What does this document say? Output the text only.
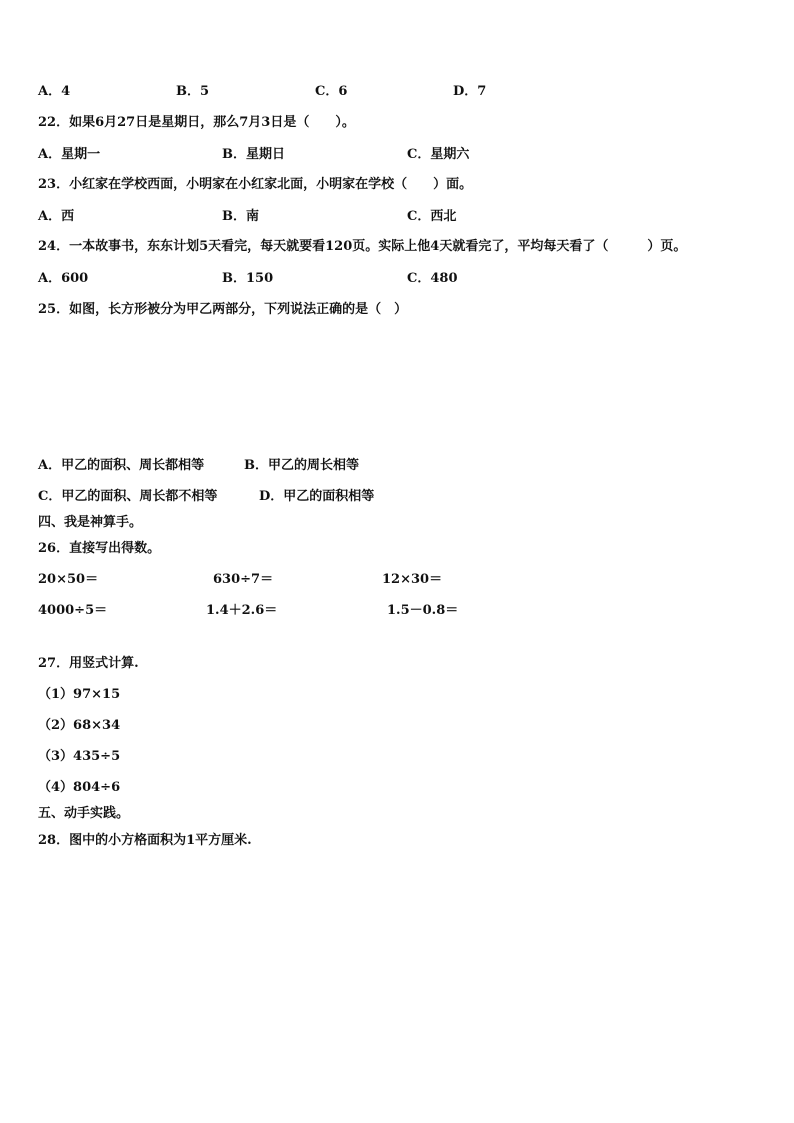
A．4	B．5	C．6	D．7
22．如果6月27日是星期日，那么7月3日是（　　）。
A．星期一	B．星期日	C．星期六
23．小红家在学校西面，小明家在小红家北面，小明家在学校（　　）面。
A．西	B．南	C．西北
24．一本故事书，东东计划5天看完，每天就要看120页。实际上他4天就看完了，平均每天看了（　　　）页。
A．600	B．150	C．480
25．如图，长方形被分为甲乙两部分，下列说法正确的是（　）
A．甲乙的面积、周长都相等	B．甲乙的周长相等
C．甲乙的面积、周长都不相等	D．甲乙的面积相等
四、我是神算手。
26．直接写出得数。
20×50＝	630÷7＝	12×30＝
4000÷5＝	1.4＋2.6＝	1.5－0.8＝
27．用竖式计算.
（1）97×15
（2）68×34
（3）435÷5
（4）804÷6
五、动手实践。
28．图中的小方格面积为1平方厘米.
